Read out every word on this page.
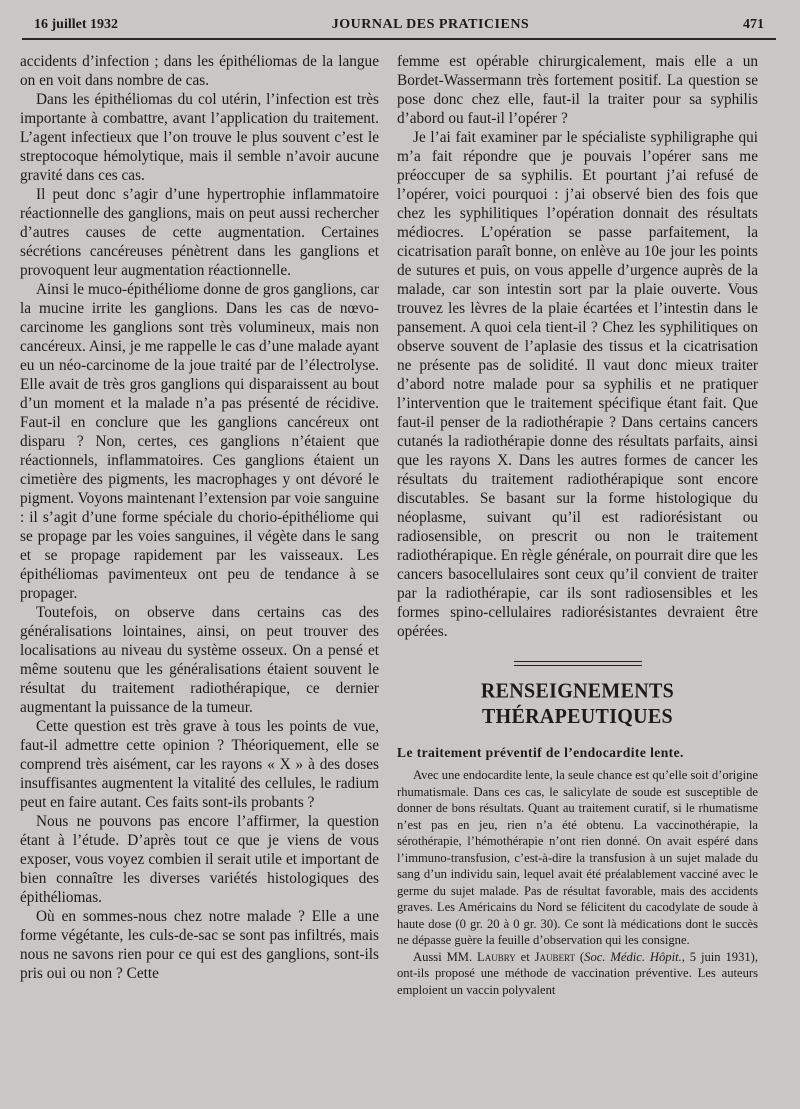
16 juillet 1932	JOURNAL DES PRATICIENS	471

accidents d’infection ; dans les épithéliomas de la langue on en voit dans nombre de cas.

Dans les épithéliomas du col utérin, l’infection est très importante à combattre, avant l’application du traitement. L’agent infectieux que l’on trouve le plus souvent c’est le streptocoque hémolytique, mais il semble n’avoir aucune gravité dans ces cas.

Il peut donc s’agir d’une hypertrophie inflammatoire réactionnelle des ganglions, mais on peut aussi rechercher d’autres causes de cette augmentation. Certaines sécrétions cancéreuses pénètrent dans les ganglions et provoquent leur augmentation réactionnelle.

Ainsi le muco-épithéliome donne de gros ganglions, car la mucine irrite les ganglions. Dans les cas de nœvo-carcinome les ganglions sont très volumineux, mais non cancéreux. Ainsi, je me rappelle le cas d’une malade ayant eu un néo-carcinome de la joue traité par de l’électrolyse. Elle avait de très gros ganglions qui disparaissent au bout d’un moment et la malade n’a pas présenté de récidive. Faut-il en conclure que les ganglions cancéreux ont disparu ? Non, certes, ces ganglions n’étaient que réactionnels, inflammatoires. Ces ganglions étaient un cimetière des pigments, les macrophages y ont dévoré le pigment. Voyons maintenant l’extension par voie sanguine : il s’agit d’une forme spéciale du chorio-épithéliome qui se propage par les voies sanguines, il végète dans le sang et se propage rapidement par les vaisseaux. Les épithéliomas pavimenteux ont peu de tendance à se propager.

Toutefois, on observe dans certains cas des généralisations lointaines, ainsi, on peut trouver des localisations au niveau du système osseux. On a pensé et même soutenu que les généralisations étaient souvent le résultat du traitement radiothérapique, ce dernier augmentant la puissance de la tumeur.

Cette question est très grave à tous les points de vue, faut-il admettre cette opinion ? Théoriquement, elle se comprend très aisément, car les rayons « X » à des doses insuffisantes augmentent la vitalité des cellules, le radium peut en faire autant. Ces faits sont-ils probants ?

Nous ne pouvons pas encore l’affirmer, la question étant à l’étude. D’après tout ce que je viens de vous exposer, vous voyez combien il serait utile et important de bien connaître les diverses variétés histologiques des épithéliomas.

Où en sommes-nous chez notre malade ? Elle a une forme végétante, les culs-de-sac se sont pas infiltrés, mais nous ne savons rien pour ce qui est des ganglions, sont-ils pris oui ou non ? Cette

femme est opérable chirurgicalement, mais elle a un Bordet-Wassermann très fortement positif. La question se pose donc chez elle, faut-il la traiter pour sa syphilis d’abord ou faut-il l’opérer ?

Je l’ai fait examiner par le spécialiste syphiligraphe qui m’a fait répondre que je pouvais l’opérer sans me préoccuper de sa syphilis. Et pourtant j’ai refusé de l’opérer, voici pourquoi : j’ai observé bien des fois que chez les syphilitiques l’opération donnait des résultats médiocres. L’opération se passe parfaitement, la cicatrisation paraît bonne, on enlève au 10e jour les points de sutures et puis, on vous appelle d’urgence auprès de la malade, car son intestin sort par la plaie ouverte. Vous trouvez les lèvres de la plaie écartées et l’intestin dans le pansement. A quoi cela tient-il ? Chez les syphilitiques on observe souvent de l’aplasie des tissus et la cicatrisation ne présente pas de solidité. Il vaut donc mieux traiter d’abord notre malade pour sa syphilis et ne pratiquer l’intervention que le traitement spécifique étant fait. Que faut-il penser de la radiothérapie ? Dans certains cancers cutanés la radiothérapie donne des résultats parfaits, ainsi que les rayons X. Dans les autres formes de cancer les résultats du traitement radiothérapique sont encore discutables. Se basant sur la forme histologique du néoplasme, suivant qu’il est radiorésistant ou radiosensible, on prescrit ou non le traitement radiothérapique. En règle générale, on pourrait dire que les cancers basocellulaires sont ceux qu’il convient de traiter par la radiothérapie, car ils sont radiosensibles et les formes spino-cellulaires radiorésistantes devraient être opérées.

RENSEIGNEMENTS THÉRAPEUTIQUES
Le traitement préventif de l’endocardite lente.

Avec une endocardite lente, la seule chance est qu’elle soit d’origine rhumatismale. Dans ces cas, le salicylate de soude est susceptible de donner de bons résultats. Quant au traitement curatif, si le rhumatisme n’est pas en jeu, rien n’a été obtenu. La vaccinothérapie, la sérothérapie, l’hémothérapie n’ont rien donné. On avait espéré dans l’immuno-transfusion, c’est-à-dire la transfusion à un sujet malade du sang d’un individu sain, lequel avait été préalablement vacciné avec le germe du sujet malade. Pas de résultat favorable, mais des accidents graves. Les Américains du Nord se félicitent du cacodylate de soude à haute dose (0 gr. 20 à 0 gr. 30). Ce sont là médications dont le succès ne dépasse guère la feuille d’observation qui les consigne.

Aussi MM. Laubry et Jaubert (Soc. Médic. Hôpit., 5 juin 1931), ont-ils proposé une méthode de vaccination préventive. Les auteurs emploient un vaccin polyvalent
